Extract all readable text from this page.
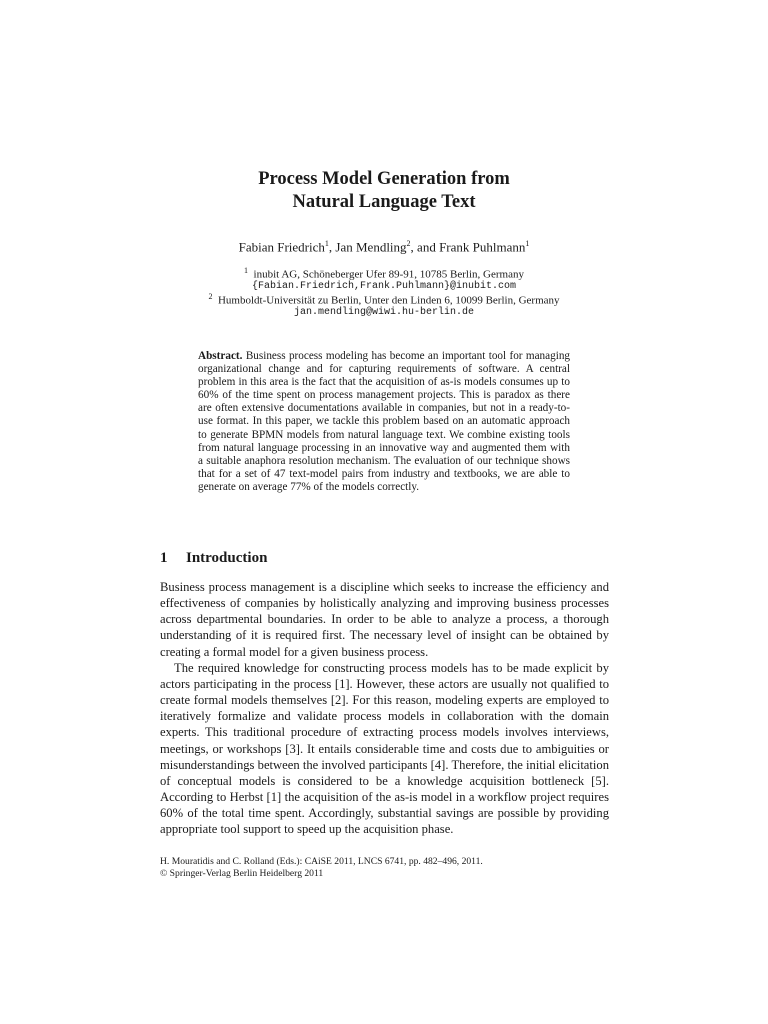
Process Model Generation from
Natural Language Text
Fabian Friedrich$^1$, Jan Mendling$^2$, and Frank Puhlmann$^1$
$^1$ inubit AG, Schöneberger Ufer 89-91, 10785 Berlin, Germany
{Fabian.Friedrich,Frank.Puhlmann}@inubit.com
$^2$ Humboldt-Universität zu Berlin, Unter den Linden 6, 10099 Berlin, Germany
jan.mendling@wiwi.hu-berlin.de
Abstract. Business process modeling has become an important tool for managing organizational change and for capturing requirements of software. A central problem in this area is the fact that the acquisition of as-is models consumes up to 60% of the time spent on process management projects. This is paradox as there are often extensive documentations available in companies, but not in a ready-to-use format. In this paper, we tackle this problem based on an automatic approach to generate BPMN models from natural language text. We combine existing tools from natural language processing in an innovative way and augmented them with a suitable anaphora resolution mechanism. The evaluation of our technique shows that for a set of 47 text-model pairs from industry and textbooks, we are able to generate on average 77% of the models correctly.
1 Introduction

Business process management is a discipline which seeks to increase the efficiency and effectiveness of companies by holistically analyzing and improving business processes across departmental boundaries. In order to be able to analyze a process, a thorough understanding of it is required first. The necessary level of insight can be obtained by creating a formal model for a given business process.

The required knowledge for constructing process models has to be made explicit by actors participating in the process [1]. However, these actors are usually not qualified to create formal models themselves [2]. For this reason, modeling experts are employed to iteratively formalize and validate process models in collaboration with the domain experts. This traditional procedure of extracting process models involves interviews, meetings, or workshops [3]. It entails considerable time and costs due to ambiguities or misunderstandings between the involved participants [4]. Therefore, the initial elicitation of conceptual models is considered to be a knowledge acquisition bottleneck [5]. According to Herbst [1] the acquisition of the as-is model in a workflow project requires 60% of the total time spent. Accordingly, substantial savings are possible by providing appropriate tool support to speed up the acquisition phase.

H. Mouratidis and C. Rolland (Eds.): CAiSE 2011, LNCS 6741, pp. 482–496, 2011.
© Springer-Verlag Berlin Heidelberg 2011
